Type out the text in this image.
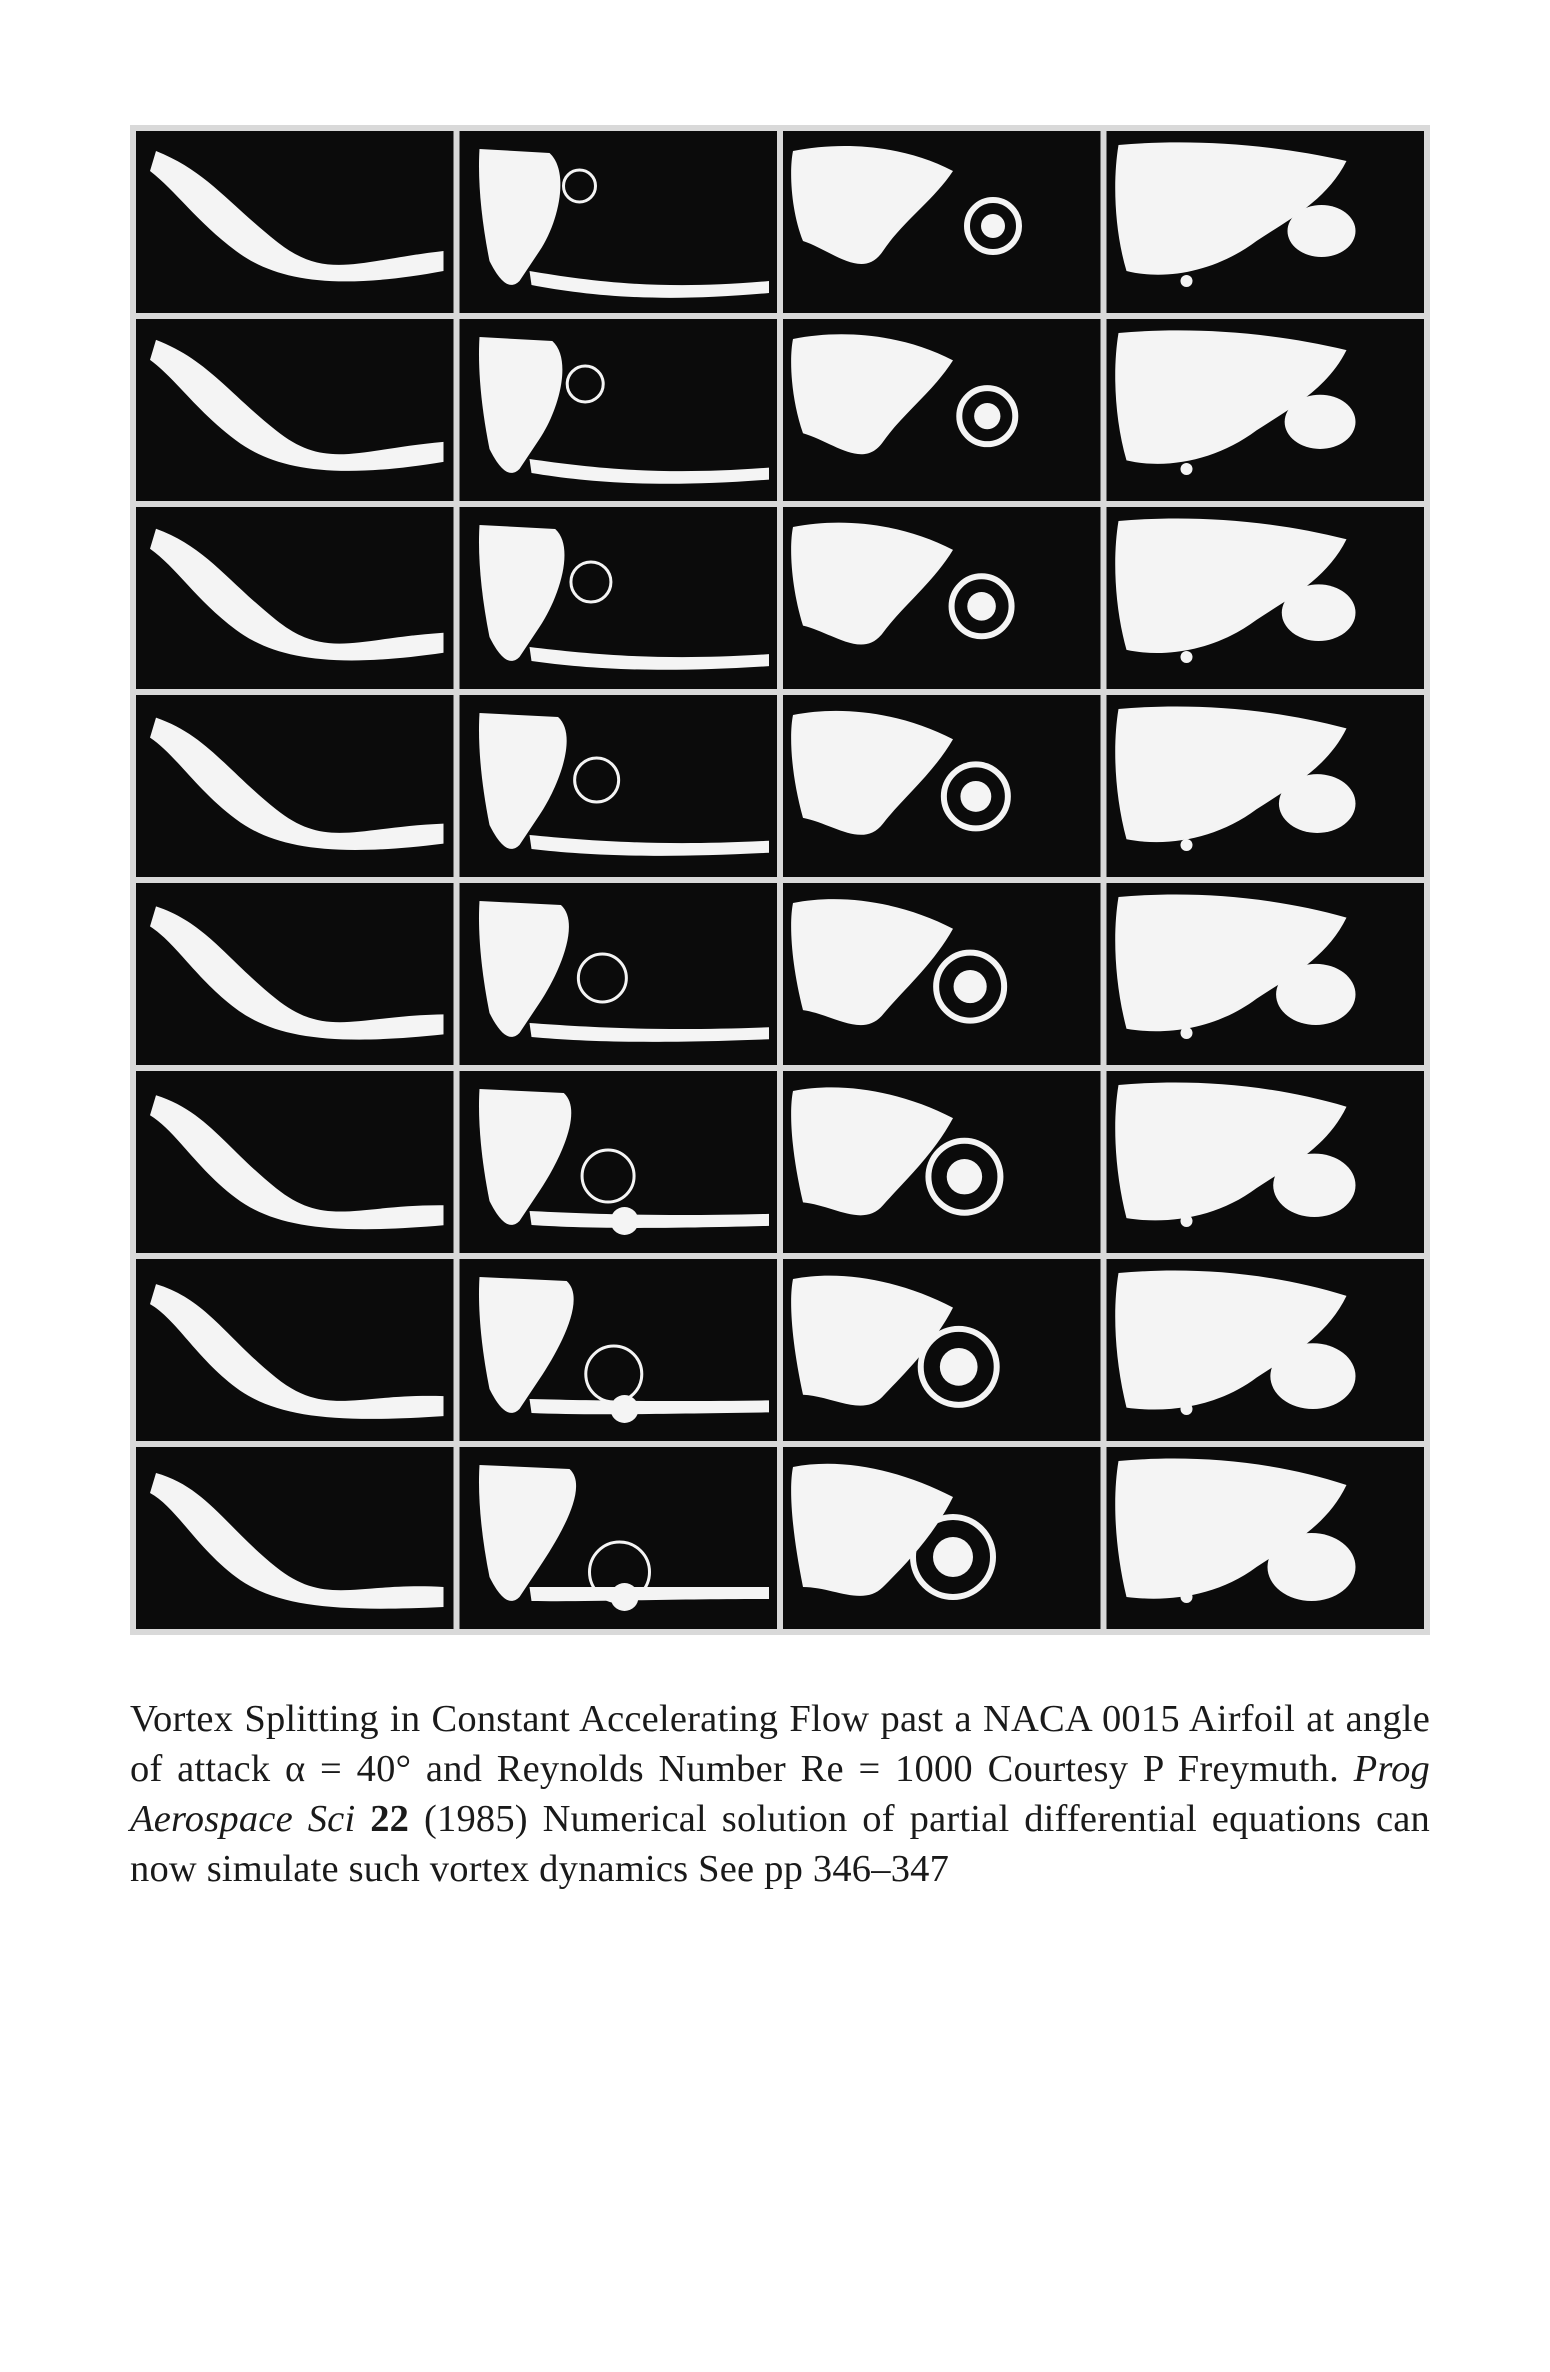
Vortex Splitting in Constant Accelerating Flow past a NACA 0015 Airfoil at angle of attack α = 40° and Reynolds Number Re = 1000 Courtesy P Freymuth. Prog Aerospace Sci 22 (1985) Numerical solution of partial differential equations can now simulate such vortex dynamics See pp 346–347
